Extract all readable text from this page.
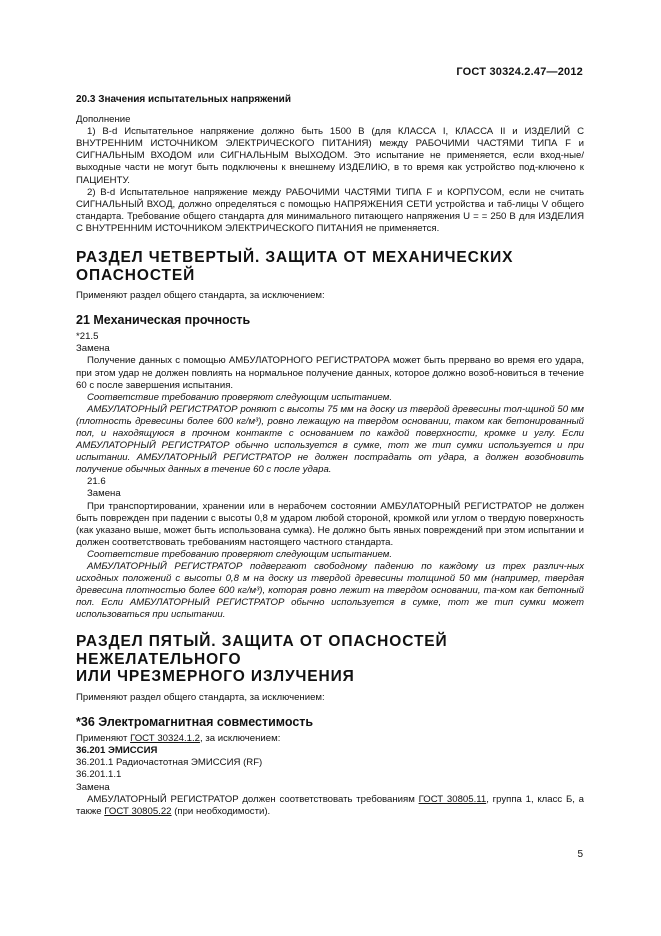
ГОСТ 30324.2.47—2012
20.3 Значения испытательных напряжений

Дополнение

1) B-d Испытательное напряжение должно быть 1500 В (для КЛАССА I, КЛАССА II и ИЗДЕЛИЙ С ВНУТРЕННИМ ИСТОЧНИКОМ ЭЛЕКТРИЧЕСКОГО ПИТАНИЯ) между РАБОЧИМИ ЧАСТЯМИ ТИПА F и СИГНАЛЬНЫМ ВХОДОМ или СИГНАЛЬНЫМ ВЫХОДОМ. Это испытание не применяется, если вход-ные/выходные части не могут быть подключены к внешнему ИЗДЕЛИЮ, в то время как устройство под-ключено к ПАЦИЕНТУ.

2) B-d Испытательное напряжение между РАБОЧИМИ ЧАСТЯМИ ТИПА F и КОРПУСОМ, если не считать СИГНАЛЬНЫЙ ВХОД, должно определяться с помощью НАПРЯЖЕНИЯ СЕТИ устройства и таб-лицы V общего стандарта. Требование общего стандарта для минимального питающего напряжения U = = 250 В для ИЗДЕЛИЯ С ВНУТРЕННИМ ИСТОЧНИКОМ ЭЛЕКТРИЧЕСКОГО ПИТАНИЯ не применяется.

РАЗДЕЛ ЧЕТВЕРТЫЙ. ЗАЩИТА ОТ МЕХАНИЧЕСКИХ
ОПАСНОСТЕЙ

Применяют раздел общего стандарта, за исключением:

21 Механическая прочность

*21.5

Замена

Получение данных с помощью АМБУЛАТОРНОГО РЕГИСТРАТОРА может быть прервано во время его удара, при этом удар не должен повлиять на нормальное получение данных, которое должно возоб-новиться в течение 60 с после завершения испытания.

Соответствие требованию проверяют следующим испытанием.

АМБУЛАТОРНЫЙ РЕГИСТРАТОР роняют с высоты 75 мм на доску из твердой древесины тол-щиной 50 мм (плотность древесины более 600 кг/м³), ровно лежащую на твердом основании, таком как бетонированный пол, и находящуюся в прочном контакте с основанием по каждой поверхности, кромке и углу. Если АМБУЛАТОРНЫЙ РЕГИСТРАТОР обычно используется в сумке, тот же тип сумки используется и при испытании. АМБУЛАТОРНЫЙ РЕГИСТРАТОР не должен пострадать от удара, а должен возобновить получение обычных данных в течение 60 с после удара.

21.6

Замена

При транспортировании, хранении или в нерабочем состоянии АМБУЛАТОРНЫЙ РЕГИСТРАТОР не должен быть поврежден при падении с высоты 0,8 м ударом любой стороной, кромкой или углом о твердую поверхность (как указано выше, может быть использована сумка). Не должно быть явных повреждений при этом испытании и должен соответствовать требованиям настоящего частного стандарта.

Соответствие требованию проверяют следующим испытанием.

АМБУЛАТОРНЫЙ РЕГИСТРАТОР подвергают свободному падению по каждому из трех различ-ных исходных положений с высоты 0,8 м на доску из твердой древесины толщиной 50 мм (например, твердая древесина плотностью более 600 кг/м³), которая ровно лежит на твердом основании, та-ком как бетонный пол. Если АМБУЛАТОРНЫЙ РЕГИСТРАТОР обычно используется в сумке, тот же тип сумки может использоваться при испытании.

РАЗДЕЛ ПЯТЫЙ. ЗАЩИТА ОТ ОПАСНОСТЕЙ НЕЖЕЛАТЕЛЬНОГО
ИЛИ ЧРЕЗМЕРНОГО ИЗЛУЧЕНИЯ

Применяют раздел общего стандарта, за исключением:

*36 Электромагнитная совместимость

Применяют ГОСТ 30324.1.2, за исключением:

36.201 ЭМИССИЯ

36.201.1 Радиочастотная ЭМИССИЯ (RF)

36.201.1.1

Замена

АМБУЛАТОРНЫЙ РЕГИСТРАТОР должен соответствовать требованиям ГОСТ 30805.11, группа 1, класс Б, а также ГОСТ 30805.22 (при необходимости).

5
